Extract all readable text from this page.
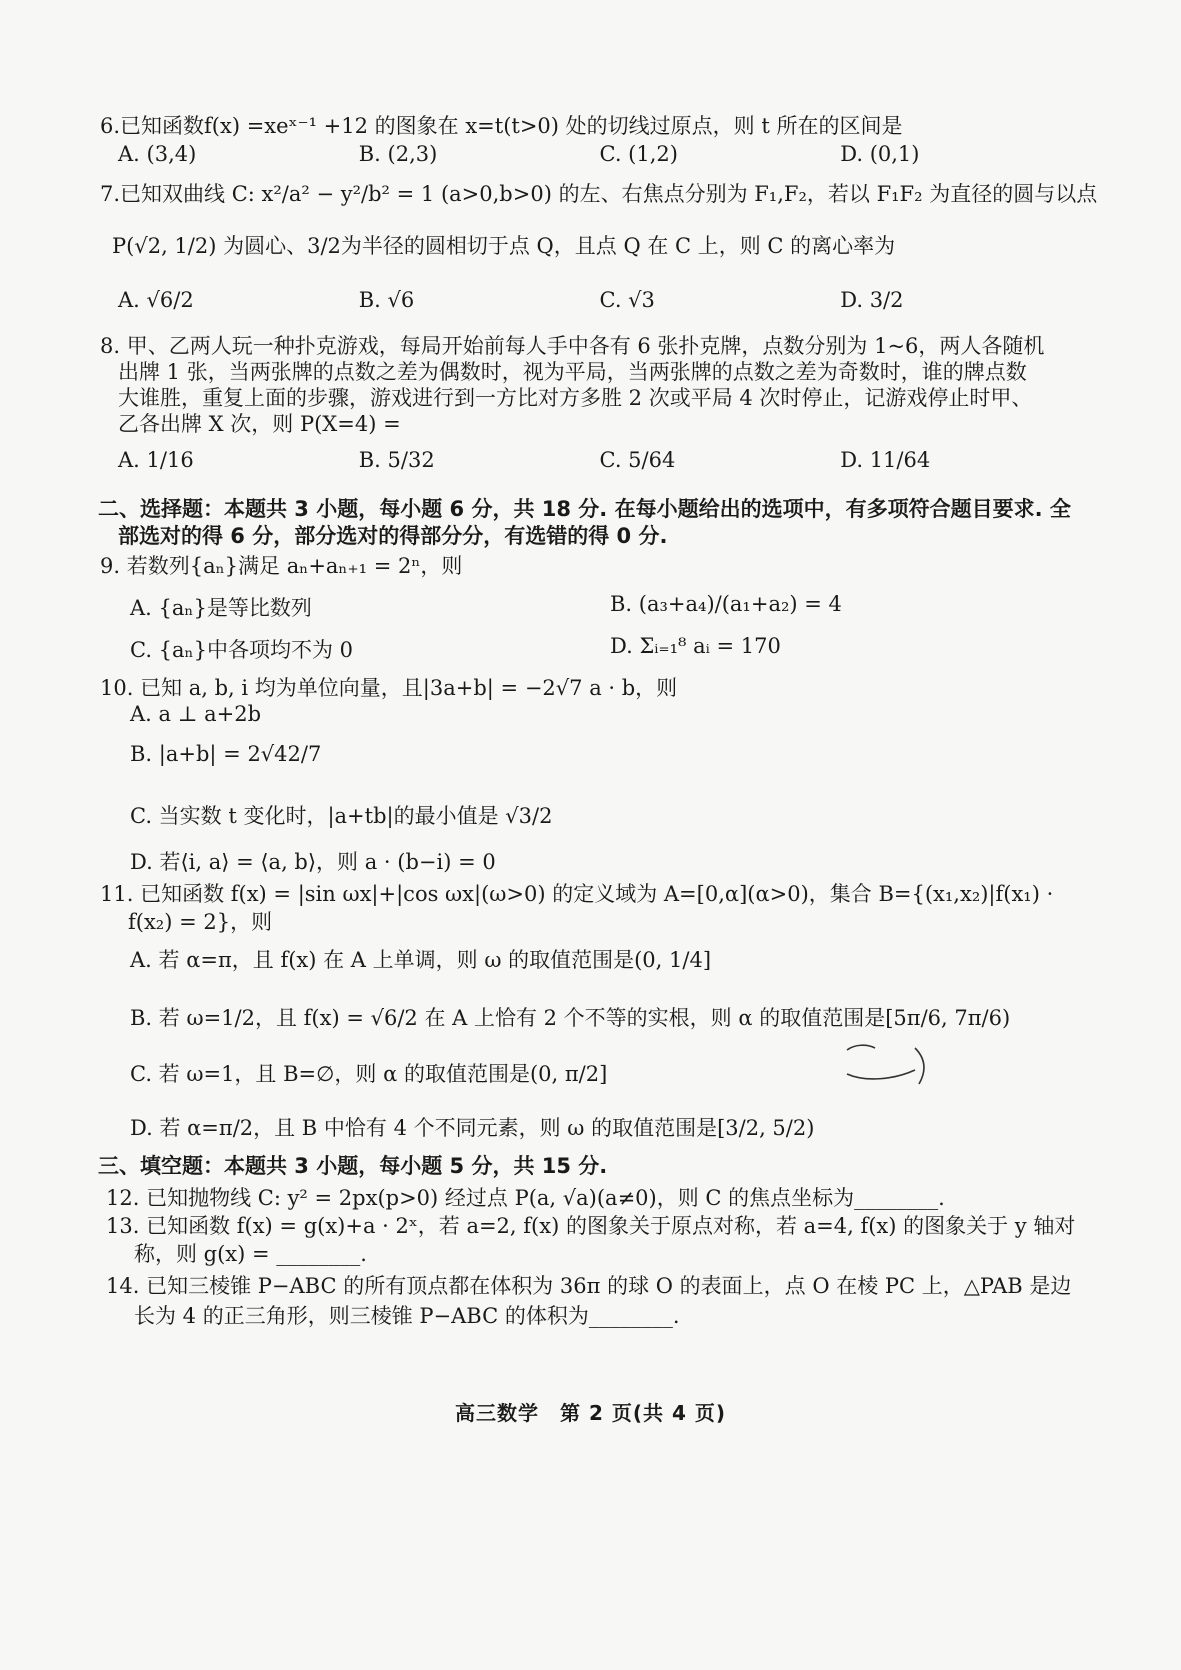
6.已知函数f(x) =xeˣ⁻¹ +12 的图象在 x=t(t>0) 处的切线过原点，则 t 所在的区间是
A. (3,4)	B. (2,3)	C. (1,2)	D. (0,1)
7.已知双曲线 C: x²/a² − y²/b² = 1 (a>0,b>0) 的左、右焦点分别为 F₁,F₂，若以 F₁F₂ 为直径的圆与以点
P(√2, 1/2) 为圆心、3/2为半径的圆相切于点 Q，且点 Q 在 C 上，则 C 的离心率为
A. √6/2	B. √6	C. √3	D. 3/2
8. 甲、乙两人玩一种扑克游戏，每局开始前每人手中各有 6 张扑克牌，点数分别为 1~6，两人各随机
出牌 1 张，当两张牌的点数之差为偶数时，视为平局，当两张牌的点数之差为奇数时，谁的牌点数
大谁胜，重复上面的步骤，游戏进行到一方比对方多胜 2 次或平局 4 次时停止，记游戏停止时甲、
乙各出牌 X 次，则 P(X=4) =
A. 1/16	B. 5/32	C. 5/64	D. 11/64
二、选择题：本题共 3 小题，每小题 6 分，共 18 分. 在每小题给出的选项中，有多项符合题目要求. 全
部选对的得 6 分，部分选对的得部分分，有选错的得 0 分.
9. 若数列{aₙ}满足 aₙ+aₙ₊₁ = 2ⁿ，则
A. {aₙ}是等比数列	B. (a₃+a₄)/(a₁+a₂) = 4
C. {aₙ}中各项均不为 0	D. Σᵢ₌₁⁸ aᵢ = 170
10. 已知 a, b, i 均为单位向量，且|3a+b| = −2√7 a · b，则
A. a ⊥ a+2b
B. |a+b| = 2√42/7
C. 当实数 t 变化时，|a+tb|的最小值是 √3/2
D. 若⟨i, a⟩ = ⟨a, b⟩，则 a · (b−i) = 0
11. 已知函数 f(x) = |sin ωx|+|cos ωx|(ω>0) 的定义域为 A=[0,α](α>0)，集合 B={(x₁,x₂)|f(x₁) ·
f(x₂) = 2}，则
A. 若 α=π，且 f(x) 在 A 上单调，则 ω 的取值范围是(0, 1/4]
B. 若 ω=1/2，且 f(x) = √6/2 在 A 上恰有 2 个不等的实根，则 α 的取值范围是[5π/6, 7π/6)
C. 若 ω=1，且 B=∅，则 α 的取值范围是(0, π/2]
D. 若 α=π/2，且 B 中恰有 4 个不同元素，则 ω 的取值范围是[3/2, 5/2)
三、填空题：本题共 3 小题，每小题 5 分，共 15 分.
12. 已知抛物线 C: y² = 2px(p>0) 经过点 P(a, √a)(a≠0)，则 C 的焦点坐标为________.
13. 已知函数 f(x) = g(x)+a · 2ˣ，若 a=2, f(x) 的图象关于原点对称，若 a=4, f(x) 的图象关于 y 轴对
称，则 g(x) = ________.
14. 已知三棱锥 P−ABC 的所有顶点都在体积为 36π 的球 O 的表面上，点 O 在棱 PC 上，△PAB 是边
长为 4 的正三角形，则三棱锥 P−ABC 的体积为________.
高三数学　第 2 页(共 4 页)
